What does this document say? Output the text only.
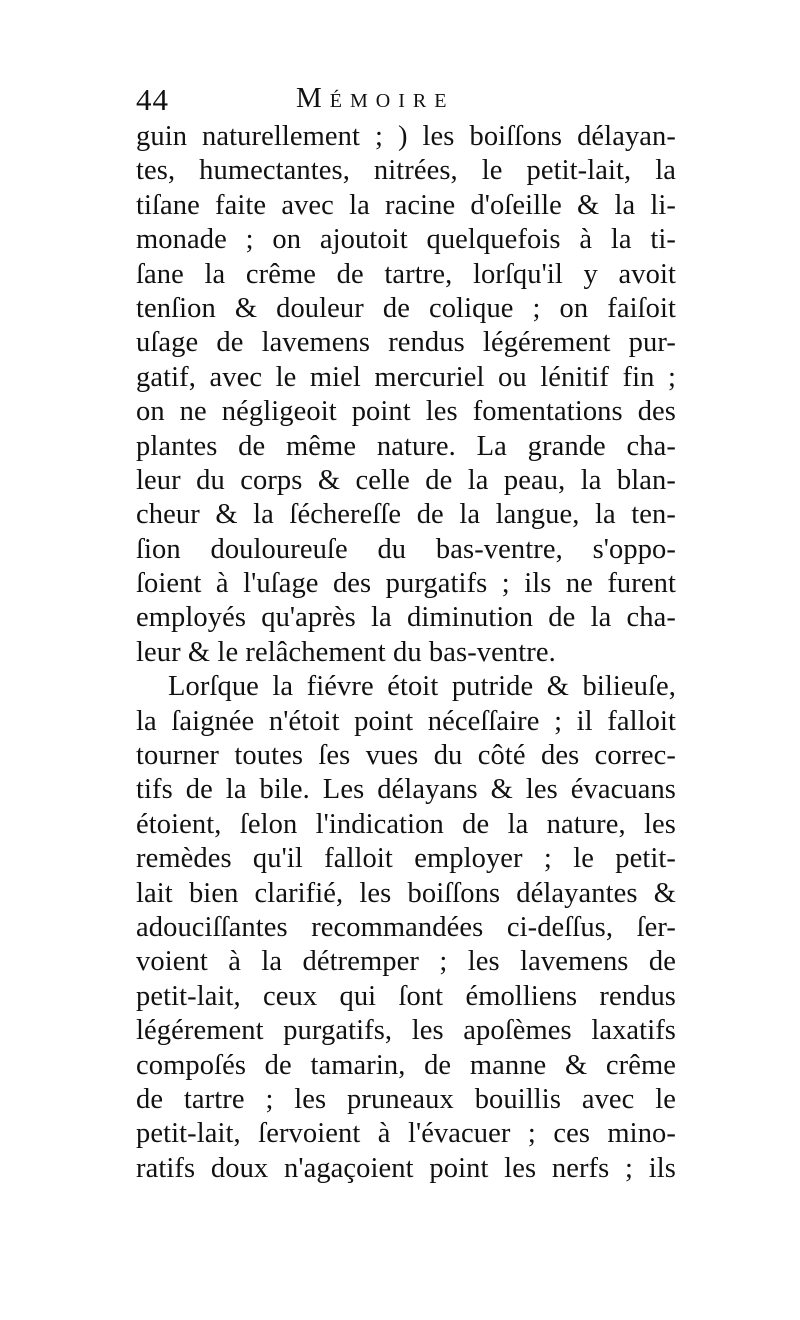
44	Mémoire
guin naturellement ; ) les boiſſons délayan-
tes, humectantes, nitrées, le petit-lait, la
tiſane faite avec la racine d'oſeille & la li-
monade ; on ajoutoit quelquefois à la ti-
ſane la crême de tartre, lorſqu'il y avoit
tenſion & douleur de colique ; on faiſoit
uſage de lavemens rendus légérement pur-
gatif, avec le miel mercuriel ou lénitif fin ;
on ne négligeoit point les fomentations des
plantes de même nature. La grande cha-
leur du corps & celle de la peau, la blan-
cheur & la ſéchereſſe de la langue, la ten-
ſion douloureuſe du bas-ventre, s'oppo-
ſoient à l'uſage des purgatifs ; ils ne furent
employés qu'après la diminution de la cha-
leur & le relâchement du bas-ventre.
Lorſque la fiévre étoit putride & bilieuſe,
la ſaignée n'étoit point néceſſaire ; il falloit
tourner toutes ſes vues du côté des correc-
tifs de la bile. Les délayans & les évacuans
étoient, ſelon l'indication de la nature, les
remèdes qu'il falloit employer ; le petit-
lait bien clarifié, les boiſſons délayantes &
adouciſſantes recommandées ci-deſſus, ſer-
voient à la détremper ; les lavemens de
petit-lait, ceux qui ſont émolliens rendus
légérement purgatifs, les apoſèmes laxatifs
compoſés de tamarin, de manne & crême
de tartre ; les pruneaux bouillis avec le
petit-lait, ſervoient à l'évacuer ; ces mino-
ratifs doux n'agaçoient point les nerfs ; ils
